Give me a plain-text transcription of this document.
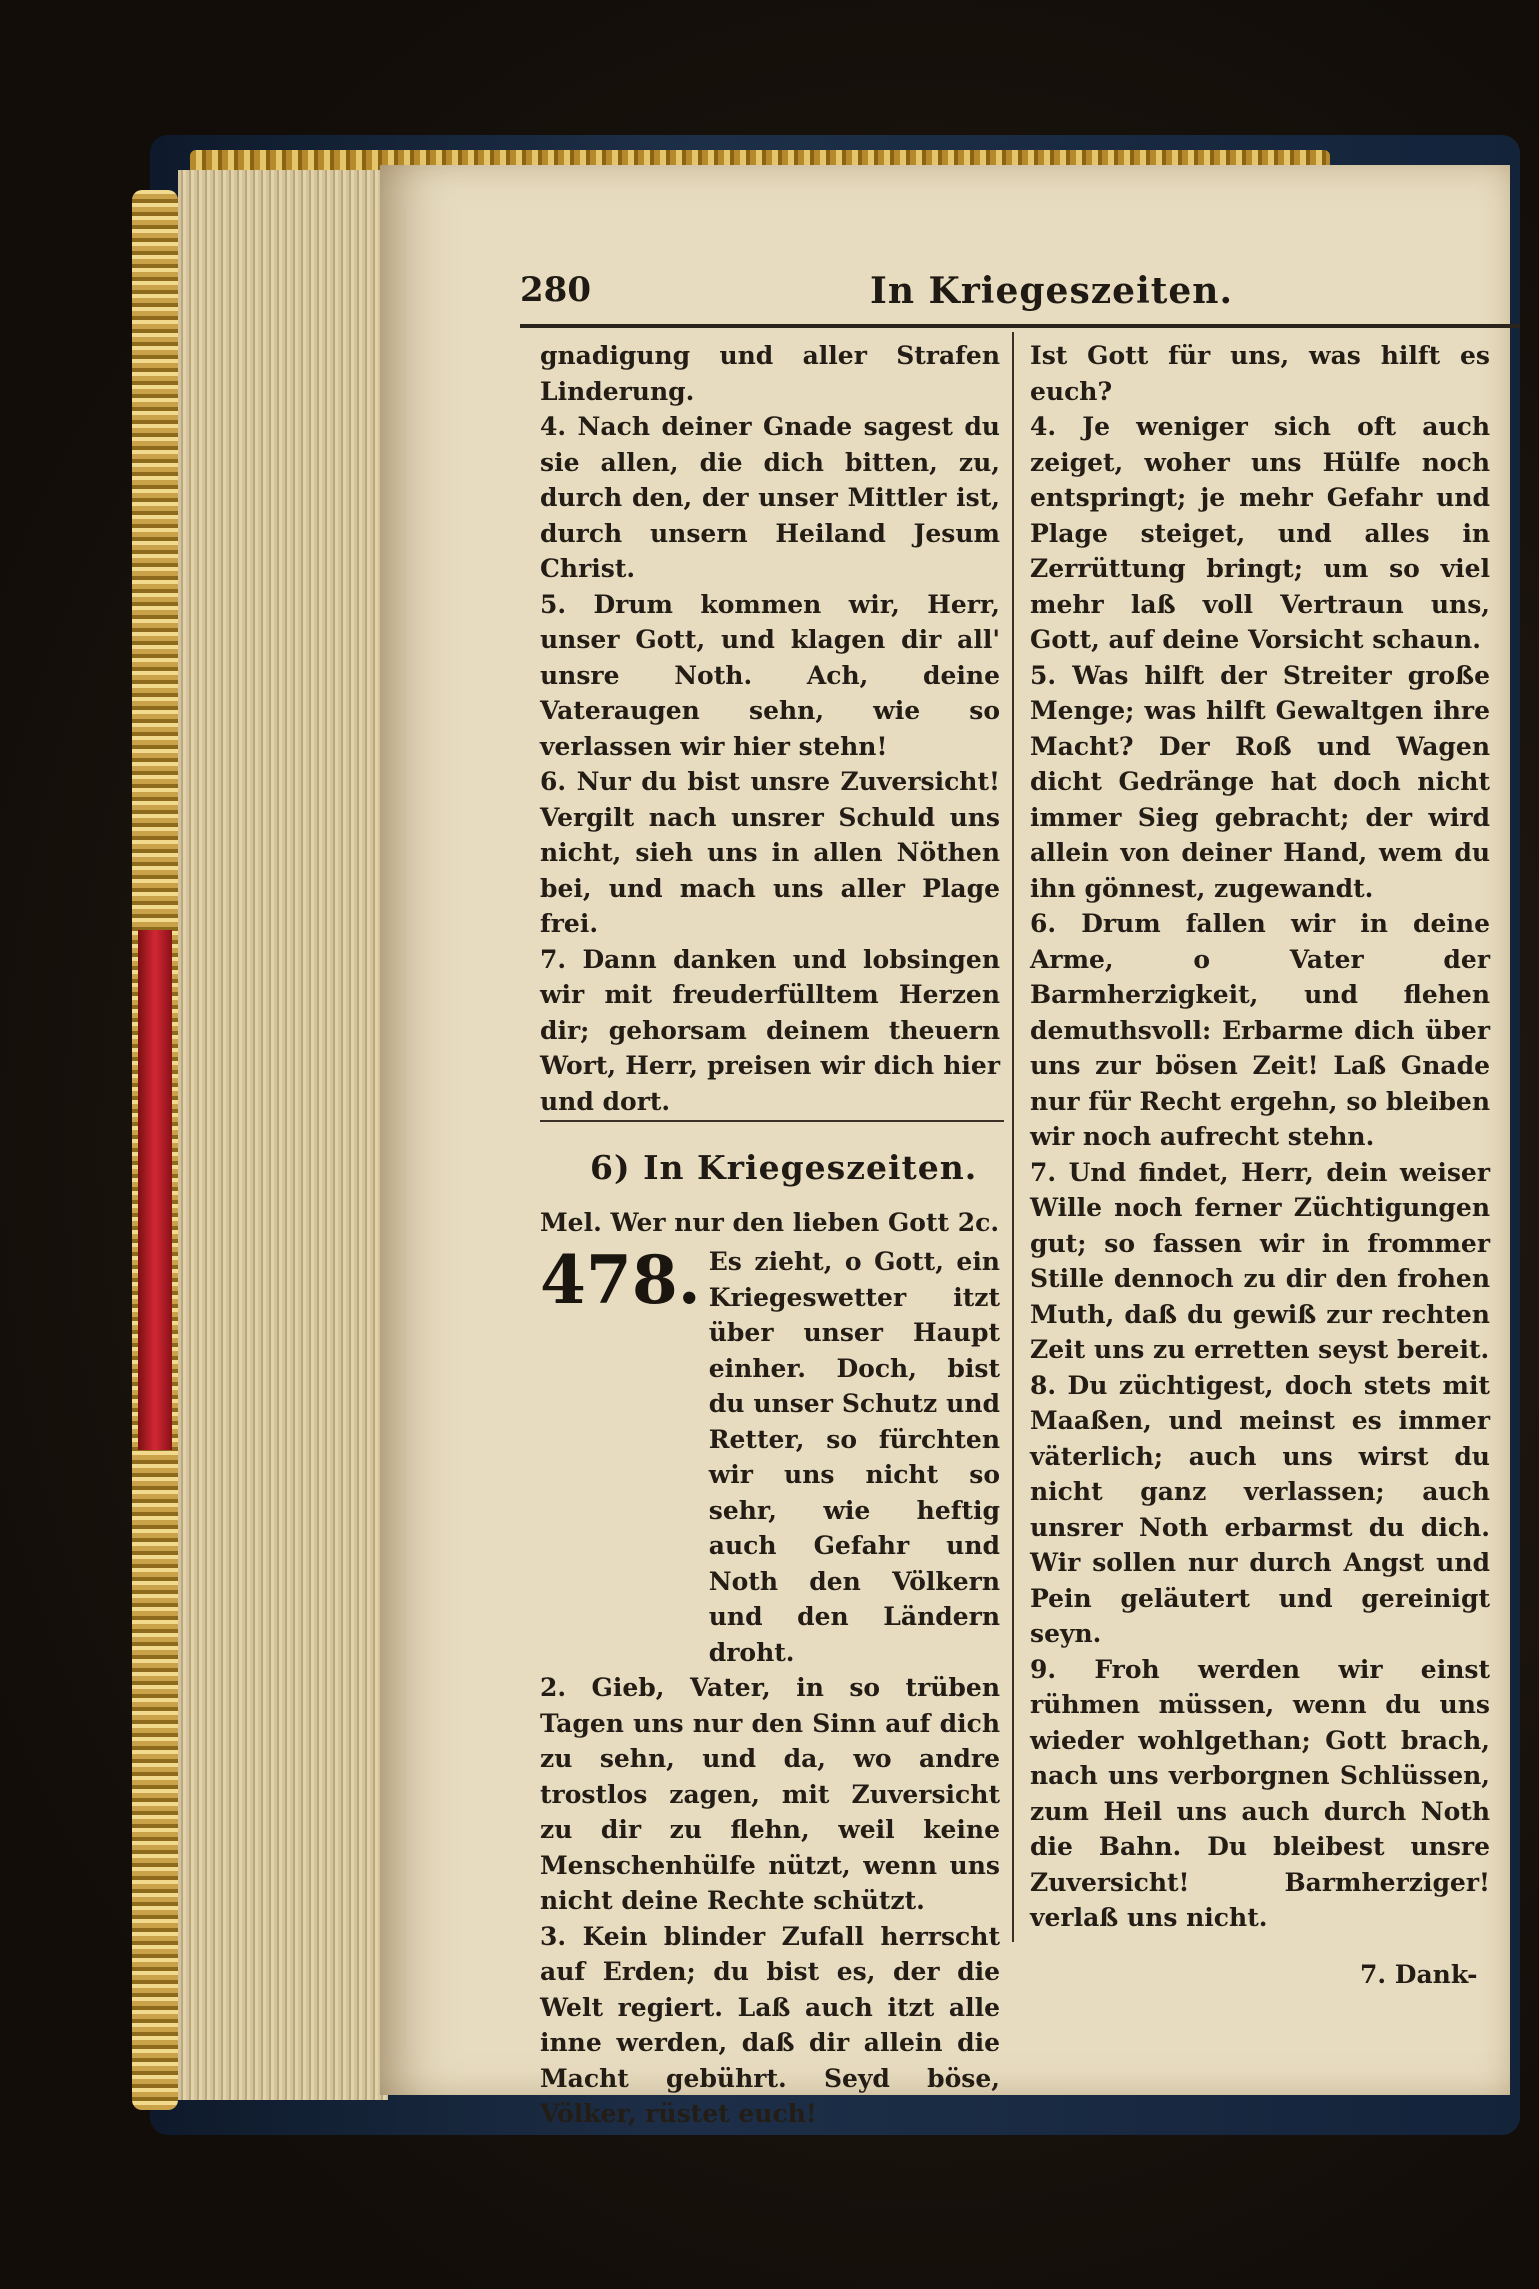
280	In Kriegeszeiten.

gnadigung und aller Strafen Linderung.

4. Nach deiner Gnade sagest du sie allen, die dich bitten, zu, durch den, der unser Mittler ist, durch unsern Heiland Jesum Christ.

5. Drum kommen wir, Herr, unser Gott, und klagen dir all' unsre Noth. Ach, deine Vateraugen sehn, wie so verlassen wir hier stehn!

6. Nur du bist unsre Zuversicht! Vergilt nach unsrer Schuld uns nicht, sieh uns in allen Nöthen bei, und mach uns aller Plage frei.

7. Dann danken und lobsingen wir mit freuderfülltem Herzen dir; gehorsam deinem theuern Wort, Herr, preisen wir dich hier und dort.

6) In Kriegeszeiten.
Mel. Wer nur den lieben Gott 2c.
478. Es zieht, o Gott, ein Kriegeswetter itzt über unser Haupt einher. Doch, bist du unser Schutz und Retter, so fürchten wir uns nicht so sehr, wie heftig auch Gefahr und Noth den Völkern und den Ländern droht.

2. Gieb, Vater, in so trüben Tagen uns nur den Sinn auf dich zu sehn, und da, wo andre trostlos zagen, mit Zuversicht zu dir zu flehn, weil keine Menschenhülfe nützt, wenn uns nicht deine Rechte schützt.

3. Kein blinder Zufall herrscht auf Erden; du bist es, der die Welt regiert. Laß auch itzt alle inne werden, daß dir allein die Macht gebührt. Seyd böse, Völker, rüstet euch!

Ist Gott für uns, was hilft es euch?

4. Je weniger sich oft auch zeiget, woher uns Hülfe noch entspringt; je mehr Gefahr und Plage steiget, und alles in Zerrüttung bringt; um so viel mehr laß voll Vertraun uns, Gott, auf deine Vorsicht schaun.

5. Was hilft der Streiter große Menge; was hilft Gewaltgen ihre Macht? Der Roß und Wagen dicht Gedränge hat doch nicht immer Sieg gebracht; der wird allein von deiner Hand, wem du ihn gönnest, zugewandt.

6. Drum fallen wir in deine Arme, o Vater der Barmherzigkeit, und flehen demuthsvoll: Erbarme dich über uns zur bösen Zeit! Laß Gnade nur für Recht ergehn, so bleiben wir noch aufrecht stehn.

7. Und findet, Herr, dein weiser Wille noch ferner Züchtigungen gut; so fassen wir in frommer Stille dennoch zu dir den frohen Muth, daß du gewiß zur rechten Zeit uns zu erretten seyst bereit.

8. Du züchtigest, doch stets mit Maaßen, und meinst es immer väterlich; auch uns wirst du nicht ganz verlassen; auch unsrer Noth erbarmst du dich. Wir sollen nur durch Angst und Pein geläutert und gereinigt seyn.

9. Froh werden wir einst rühmen müssen, wenn du uns wieder wohlgethan; Gott brach, nach uns verborgnen Schlüssen, zum Heil uns auch durch Noth die Bahn. Du bleibest unsre Zuversicht! Barmherziger! verlaß uns nicht.

7. Dank-
